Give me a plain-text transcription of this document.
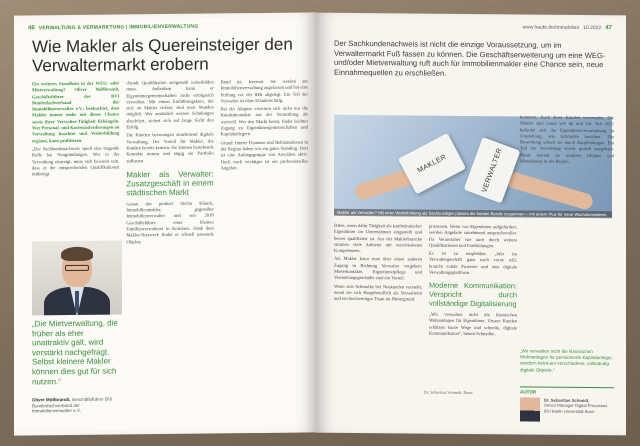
46 VERWALTUNG & VERMARKTUNG | IMMOBILIENVERWALTUNG
Wie Makler als Quereinsteiger den Verwaltermarkt erobern

Ein weiteres Standbein in der WEG- oder Mietverwaltung? Oliver Mößbrandt, Geschäftsführer der BVI Bundesfachverband der Immobilienverwalter e.V., beobachtet, dass Makler immer mehr mit dieser Chance sowie ihrer Verwalter-Tätigkeit liebäugeln. Wer Personal- und Kostenanforderungen an Verwaltung beachtet und Weiterbildung ergänzt, kann profitieren.

„Der Sachkundenachweis spielt eine tragende Rolle bei Neugründungen. Wer in der Verwaltung einsteigt, muss sich bewusst sein, dass er die entsprechenden Qualifikationen mitbringt.

chende Qualifikation zeitgemäß weiterbilden muss. Außerdem kann er Eigentümergemeinschaften nicht erfolgreich verwalten. Mit einem Einführungskurs, der sich an Makler richtet, sind zwei Stunden möglich. Wer zusätzlich weitere Schulungen absolviert, sichert sich auf lange Sicht den Erfolg.

Die Kunden bevorzugen zunehmend digitale Verwaltung. Der Vorteil für Makler, die Kunden bereits kennen: Sie können bestehende Kontakte nutzen und zügig ein Portfolio aufbauen.

Makler als Verwalter: Zusatzgeschäft in einem städtischen Markt

Genau das probiert Stefan Klauck, Immobilienmakler, gegenüber Immobilienverwalter und seit 2018 Geschäftsführer einer kleinen Familienverwalterei in Konstanz. Dank dem Makler-Netzwerk findet er schnell passende Objekte.

Bund jet, Internet. Sie werden zur Immobilienverwaltung zugelassen und hat eine Prüfung vor der IHK abgelegt. Ein Teil der Verwalter ist ohne Erlaubnis tätig.

Bei der Akquise erweisen sich nicht nur die Kundenkontakte aus der Vermittlung als wertvoll. Wer den Markt kennt, findet leichter Zugang zu Eigentümergemeinschaften und Kapitalanlegern.

Grund: Immer Finanzen und Reklamationen in der Region haben wir ein gutes Standing. Dort ist eine Anfangsgruppe von Anwälten aktiv. Doch noch wichtiger ist ein professionelles Angebot.

„Die Mietverwaltung, die früher als eher unattraktiv galt, wird verstärkt nachgefragt. Selbst kleinere Makler können dies gut für sich nutzen.“
Oliver Mößbrandt, Geschäftsführer BVI Bundesfachverband der Immobilienverwalter e.V.
www.haufe.de/immobilien 10.2022 47
Der Sachkundenachweis ist nicht die einzige Voraussetzung, um im Verwaltermarkt Fuß fassen zu können. Die Geschäftserweiterung um eine WEG- und/oder Mietverwaltung ruft auch für Immobilienmakler eine Chance sein, neue Einnahmequellen zu erschließen.
MAKLER	VERWALTER
Makler als Verwalter? Mit einer Weiterbildung als Sachkundiger passen die beiden Berufe zusammen – mit einem Plus für neue Wachstumsideen.

fällen, wenn dafür Tätigkeit als kaufmännischer Eigentümer im Unternehmen eingestellt und besser qualifiziert ist. Aus der Maklerbranche strömen viele Anbieter mit verschiedenen Kompetenzen.

Als Makler kann man über einen anderen Zugang in Richtung Verwalter vorgehen: Mieterkontakte, Eigentümerpflege und Vermietungsgeschäfte sind ein Vorteil.

Wenn sich Schmolke bei Neukunden vorstellt, nennt sie sich Hauptberuflich als Verwalterin und ein hochwertiges Team im Hintergrund.

prozessen. Wenn von Eigentümer aufgefordert, werden Angebote zunehmend anspruchsvoller. Da Veranstalter wie auch durch weitere Qualifikationen und Fortbildungen.

Es ist zu empfehlen: „Wer im Verwaltergeschäft ganz nach vorne will, braucht solide Prozesse und eine digitale Verwaltungsplattform.

Moderne Kommunikation: Verspricht durch vollständige Digitalisierung

„Wir verwalten nicht die klassischen Wohnanlagen für Eigentümer. Unsere Kunden schätzen kurze Wege und schnelle, digitale Kommunikation“, betont Schmolke.

kommen. Auch diese Kunden verwenden. Die Makler sind Leute wie du und ich. Seit 2021 befindet sich die Eigentümerversammlung in Umstellung, wie Schmolke berichtet. Die Bewerbung erhielt sie durch Empfehlungen. Ein Teil der Verwaltung wurde gezielt ausgebaut. Heute betreut sie mehrere Objekte und Mietshäuser in der Region.
„Wir verwalten nicht die klassischen Wohnanlagen für pensionierte Kapitalanleger, sondern betreuen verschiedene, vollständig digitale Objekte.“
Dr. Sebastian Schmidt, Bonn	AUTOR
Dr. Sebastian Schmidt,
Senior Manager Digital Processes BVI Berlin Universität Bonn
